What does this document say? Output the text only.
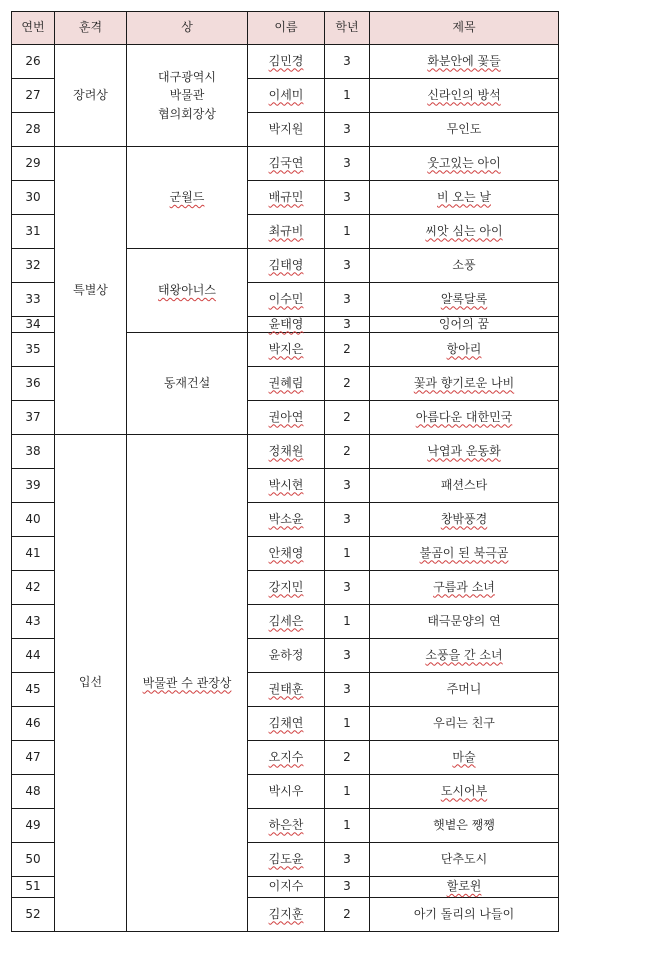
연번	훈격	상	이름	학년	제목
26	장려상	대구광역시
박물관
협의회장상	김민경	3	화분안에 꽃들
27			이세미	1	신라인의 방석
28			박지원	3	무인도
29	특별상	군월드	김국연	3	웃고있는 아이
30			배규민	3	비 오는 날
31			최규비	1	씨앗 심는 아이
32		태왕아너스	김태영	3	소풍
33			이수민	3	알록달록
34			윤태영	3	잉어의 꿈
35		동재건설	박지은	2	항아리
36			권혜림	2	꽃과 향기로운 나비
37			권아연	2	아름다운 대한민국
38	입선	박물관 수 관장상	정채원	2	낙엽과 운동화
39			박시현	3	패션스타
40			박소윤	3	창밖풍경
41			안채영	1	불곰이 된 북극곰
42			강지민	3	구름과 소녀
43			김세은	1	태극문양의 연
44			윤하정	3	소풍을 간 소녀
45			권태훈	3	주머니
46			김채연	1	우리는 친구
47			오지수	2	마술
48			박시우	1	도시어부
49			하은찬	1	햇볕은 쨍쨍
50			김도윤	3	단추도시
51			이지수	3	할로윈
52			김지훈	2	아기 돌리의 나들이
